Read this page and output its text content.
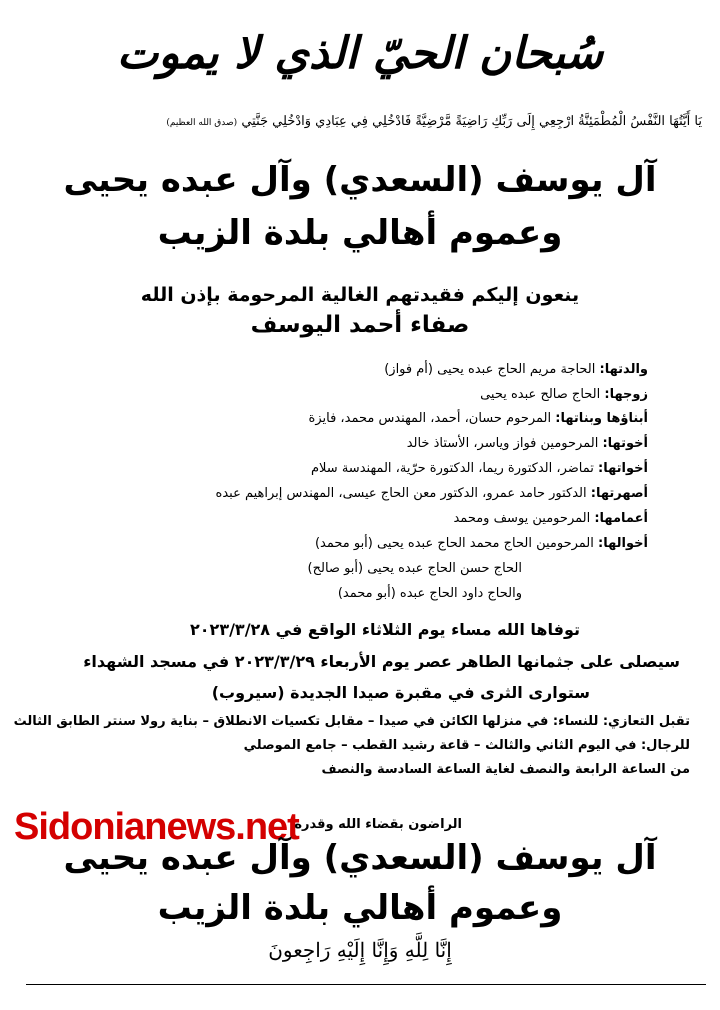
سُبحان الحيّ الذي لا يموت
يَا أَيَّتُهَا النَّفْسُ الْمُطْمَئِنَّةُ ارْجِعِي إِلَى رَبِّكِ رَاضِيَةً مَّرْضِيَّةً فَادْخُلِي فِي عِبَادِي وَادْخُلِي جَنَّتِي (صدق الله العظيم)
آل يوسف (السعدي) وآل عبده يحيى
وعموم أهالي بلدة الزيب
ينعون إليكم فقيدتهم الغالية المرحومة بإذن الله
صفاء أحمد اليوسف
والدتها: الحاجة مريم الحاج عبده يحيى (أم فواز)
زوجها: الحاج صالح عبده يحيى
أبناؤها وبناتها: المرحوم حسان، أحمد، المهندس محمد، فايزة
أخوتها: المرحومين فواز وياسر، الأستاذ خالد
أخواتها: تماضر، الدكتورة ريما، الدكتورة حرّية، المهندسة سلام
أصهرتها: الدكتور حامد عمرو، الدكتور معن الحاج عيسى، المهندس إبراهيم عبده
أعمامها: المرحومين يوسف ومحمد
أخوالها: المرحومين الحاج محمد الحاج عبده يحيى (أبو محمد)
الحاج حسن الحاج عبده يحيى (أبو صالح)
والحاج داود الحاج عبده (أبو محمد)
توفاها الله مساء يوم الثلاثاء الواقع في ٢٠٢٣/٣/٢٨
سيصلى على جثمانها الطاهر عصر يوم الأربعاء ٢٠٢٣/٣/٢٩ في مسجد الشهداء
ستوارى الثرى في مقبرة صيدا الجديدة (سيروب)
تقبل التعازي: للنساء: في منزلها الكائن في صيدا – مقابل تكسيات الانطلاق – بناية رولا سنتر الطابق الثالث
للرجال: في اليوم الثاني والثالث – قاعة رشيد القطب – جامع الموصلي
من الساعة الرابعة والنصف لغاية الساعة السادسة والنصف
Sidonianews.net
الراضون بقضاء الله وقدره
آل يوسف (السعدي) وآل عبده يحيى
وعموم أهالي بلدة الزيب
إِنَّا لِلَّهِ وَإِنَّا إِلَيْهِ رَاجِعونَ
